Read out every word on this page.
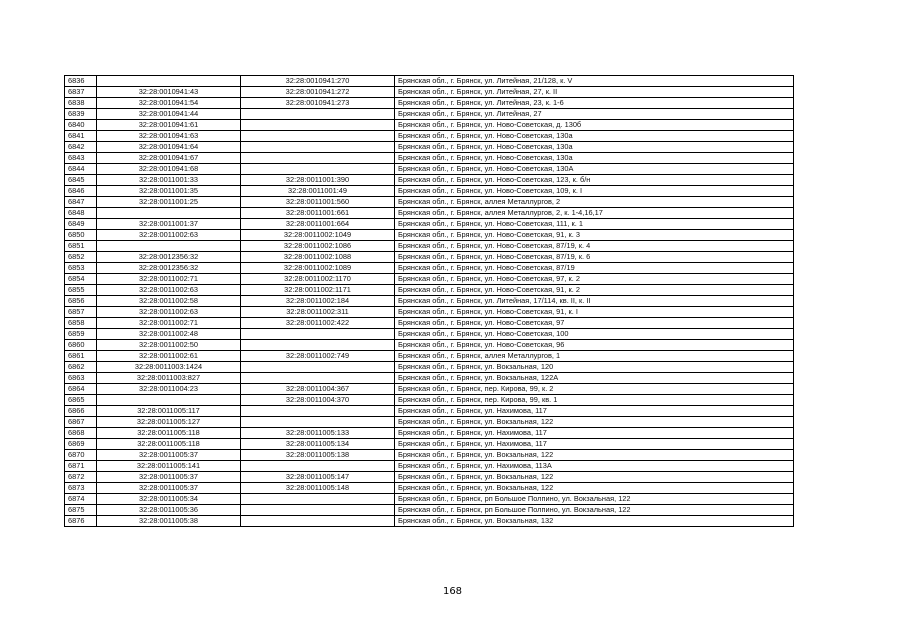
6836		32:28:0010941:270	Брянская обл., г. Брянск, ул. Литейная, 21/128, к. V
6837	32:28:0010941:43	32:28:0010941:272	Брянская обл., г. Брянск, ул. Литейная, 27, к. II
6838	32:28:0010941:54	32:28:0010941:273	Брянская обл., г. Брянск, ул. Литейная, 23, к. 1-6
6839	32:28:0010941:44		Брянская обл., г. Брянск, ул. Литейная, 27
6840	32:28:0010941:61		Брянская обл., г. Брянск, ул. Ново-Советская, д. 130б
6841	32:28:0010941:63		Брянская обл., г. Брянск, ул. Ново-Советская, 130а
6842	32:28:0010941:64		Брянская обл., г. Брянск, ул. Ново-Советская, 130а
6843	32:28:0010941:67		Брянская обл., г. Брянск, ул. Ново-Советская, 130а
6844	32:28:0010941:68		Брянская обл., г. Брянск, ул. Ново-Советская, 130А
6845	32:28:0011001:33	32:28:0011001:390	Брянская обл., г. Брянск, ул. Ново-Советская, 123, к. б/н
6846	32:28:0011001:35	32:28:0011001:49	Брянская обл., г. Брянск, ул. Ново-Советская, 109, к. I
6847	32:28:0011001:25	32:28:0011001:560	Брянская обл., г. Брянск, аллея Металлургов, 2
6848		32:28:0011001:661	Брянская обл., г. Брянск, аллея Металлургов, 2, к. 1-4,16,17
6849	32:28:0011001:37	32:28:0011001:664	Брянская обл., г. Брянск, ул. Ново-Советская, 111, к. 1
6850	32:28:0011002:63	32:28:0011002:1049	Брянская обл., г. Брянск, ул. Ново-Советская, 91, к. 3
6851		32:28:0011002:1086	Брянская обл., г. Брянск, ул. Ново-Советская, 87/19, к. 4
6852	32:28:0012356:32	32:28:0011002:1088	Брянская обл., г. Брянск, ул. Ново-Советская, 87/19, к. 6
6853	32:28:0012356:32	32:28:0011002:1089	Брянская обл., г. Брянск, ул. Ново-Советская, 87/19
6854	32:28:0011002:71	32:28:0011002:1170	Брянская обл., г. Брянск, ул. Ново-Советская, 97, к. 2
6855	32:28:0011002:63	32:28:0011002:1171	Брянская обл., г. Брянск, ул. Ново-Советская, 91, к. 2
6856	32:28:0011002:58	32:28:0011002:184	Брянская обл., г. Брянск, ул. Литейная, 17/114, кв. II, к. II
6857	32:28:0011002:63	32:28:0011002:311	Брянская обл., г. Брянск, ул. Ново-Советская, 91, к. I
6858	32:28:0011002:71	32:28:0011002:422	Брянская обл., г. Брянск, ул. Ново-Советская, 97
6859	32:28:0011002:48		Брянская обл., г. Брянск, ул. Ново-Советская, 100
6860	32:28:0011002:50		Брянская обл., г. Брянск, ул. Ново-Советская, 96
6861	32:28:0011002:61	32:28:0011002:749	Брянская обл., г. Брянск, аллея Металлургов, 1
6862	32:28:0011003:1424		Брянская обл., г. Брянск, ул. Вокзальная, 120
6863	32:28:0011003:827		Брянская обл., г. Брянск, ул. Вокзальная, 122А
6864	32:28:0011004:23	32:28:0011004:367	Брянская обл., г. Брянск, пер. Кирова, 99, к. 2
6865		32:28:0011004:370	Брянская обл., г. Брянск, пер. Кирова, 99, кв. 1
6866	32:28:0011005:117		Брянская обл., г. Брянск, ул. Нахимова, 117
6867	32:28:0011005:127		Брянская обл., г. Брянск, ул. Вокзальная, 122
6868	32:28:0011005:118	32:28:0011005:133	Брянская обл., г. Брянск, ул. Нахимова, 117
6869	32:28:0011005:118	32:28:0011005:134	Брянская обл., г. Брянск, ул. Нахимова, 117
6870	32:28:0011005:37	32:28:0011005:138	Брянская обл., г. Брянск, ул. Вокзальная, 122
6871	32:28:0011005:141		Брянская обл., г. Брянск, ул. Нахимова, 113А
6872	32:28:0011005:37	32:28:0011005:147	Брянская обл., г. Брянск, ул. Вокзальная, 122
6873	32:28:0011005:37	32:28:0011005:148	Брянская обл., г. Брянск, ул. Вокзальная, 122
6874	32:28:0011005:34		Брянская обл., г. Брянск, рп Большое Полпино, ул. Вокзальная, 122
6875	32:28:0011005:36		Брянская обл., г. Брянск, рп Большое Полпино, ул. Вокзальная, 122
6876	32:28:0011005:38		Брянская обл., г. Брянск, ул. Вокзальная, 132
168
